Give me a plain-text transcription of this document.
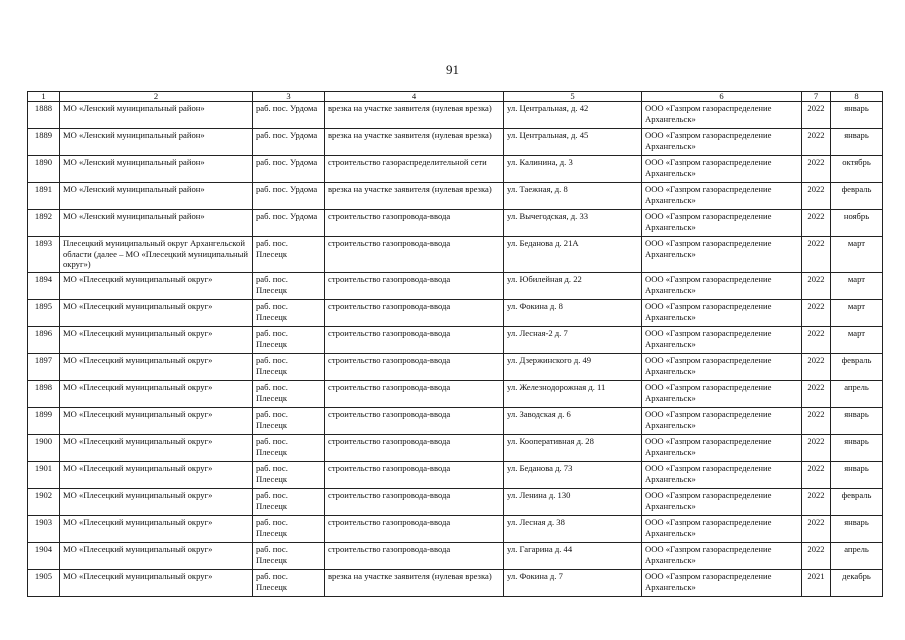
91
1	2	3	4	5	6	7	8
1888	МО «Ленский муниципальный район»	раб. пос. Урдома	врезка на участке заявителя (нулевая врезка)	ул. Центральная, д. 42	ООО «Газпром газораспределение Архангельск»	2022	январь
1889	МО «Ленский муниципальный район»	раб. пос. Урдома	врезка на участке заявителя (нулевая врезка)	ул. Центральная, д. 45	ООО «Газпром газораспределение Архангельск»	2022	январь
1890	МО «Ленский муниципальный район»	раб. пос. Урдома	строительство газораспределительной сети	ул. Калинина, д. 3	ООО «Газпром газораспределение Архангельск»	2022	октябрь
1891	МО «Ленский муниципальный район»	раб. пос. Урдома	врезка на участке заявителя (нулевая врезка)	ул. Таежная, д. 8	ООО «Газпром газораспределение Архангельск»	2022	февраль
1892	МО «Ленский муниципальный район»	раб. пос. Урдома	строительство газопровода-ввода	ул. Вычегодская, д. 33	ООО «Газпром газораспределение Архангельск»	2022	ноябрь
1893	Плесецкий муниципальный округ Архангельской области (далее – МО «Плесецкий муниципальный округ»)	раб. пос. Плесецк	строительство газопровода-ввода	ул. Беданова д. 21А	ООО «Газпром газораспределение Архангельск»	2022	март
1894	МО «Плесецкий муниципальный округ»	раб. пос. Плесецк	строительство газопровода-ввода	ул. Юбилейная д. 22	ООО «Газпром газораспределение Архангельск»	2022	март
1895	МО «Плесецкий муниципальный округ»	раб. пос. Плесецк	строительство газопровода-ввода	ул. Фокина д. 8	ООО «Газпром газораспределение Архангельск»	2022	март
1896	МО «Плесецкий муниципальный округ»	раб. пос. Плесецк	строительство газопровода-ввода	ул. Лесная-2 д. 7	ООО «Газпром газораспределение Архангельск»	2022	март
1897	МО «Плесецкий муниципальный округ»	раб. пос. Плесецк	строительство газопровода-ввода	ул. Дзержинского д. 49	ООО «Газпром газораспределение Архангельск»	2022	февраль
1898	МО «Плесецкий муниципальный округ»	раб. пос. Плесецк	строительство газопровода-ввода	ул. Железнодорожная д. 11	ООО «Газпром газораспределение Архангельск»	2022	апрель
1899	МО «Плесецкий муниципальный округ»	раб. пос. Плесецк	строительство газопровода-ввода	ул. Заводская д. 6	ООО «Газпром газораспределение Архангельск»	2022	январь
1900	МО «Плесецкий муниципальный округ»	раб. пос. Плесецк	строительство газопровода-ввода	ул. Кооперативная д. 28	ООО «Газпром газораспределение Архангельск»	2022	январь
1901	МО «Плесецкий муниципальный округ»	раб. пос. Плесецк	строительство газопровода-ввода	ул. Беданова д. 73	ООО «Газпром газораспределение Архангельск»	2022	январь
1902	МО «Плесецкий муниципальный округ»	раб. пос. Плесецк	строительство газопровода-ввода	ул. Ленина д. 130	ООО «Газпром газораспределение Архангельск»	2022	февраль
1903	МО «Плесецкий муниципальный округ»	раб. пос. Плесецк	строительство газопровода-ввода	ул. Лесная д. 38	ООО «Газпром газораспределение Архангельск»	2022	январь
1904	МО «Плесецкий муниципальный округ»	раб. пос. Плесецк	строительство газопровода-ввода	ул. Гагарина д. 44	ООО «Газпром газораспределение Архангельск»	2022	апрель
1905	МО «Плесецкий муниципальный округ»	раб. пос. Плесецк	врезка на участке заявителя (нулевая врезка)	ул. Фокина д. 7	ООО «Газпром газораспределение Архангельск»	2021	декабрь
